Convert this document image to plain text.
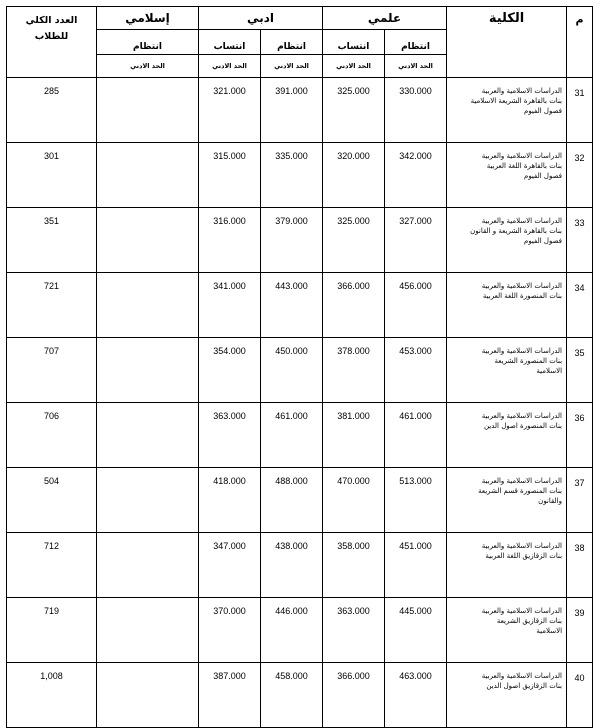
م	الكلية	علمي		ادبي		إسلامي	العدد الكلي
للطلاب

		انتظام	انتساب	انتظام	انتساب	انتظام	
		الحد الادني	الحد الادني	الحد الادني	الحد الادني	الحد الادني	
31	الدراسات الاسلامية والعربية
بنات بالقاهرة الشريعة الاسلامية
فصول الفيوم	330.000	325.000	391.000	321.000		285
32	الدراسات الاسلامية والعربية
بنات بالقاهرة اللغة العربية
فصول الفيوم	342.000	320.000	335.000	315.000		301
33	الدراسات الاسلامية والعربية
بنات بالقاهرة الشريعة و القانون
فصول الفيوم	327.000	325.000	379.000	316.000		351
34	الدراسات الاسلامية والعربية
بنات المنصورة اللغة العربية	456.000	366.000	443.000	341.000		721
35	الدراسات الاسلامية والعربية
بنات المنصورة الشريعة
الاسلامية	453.000	378.000	450.000	354.000		707
36	الدراسات الاسلامية والعربية
بنات المنصورة اصول الدين	461.000	381.000	461.000	363.000		706
37	الدراسات الاسلامية والعربية
بنات المنصورة قسم الشريعة
والقانون	513.000	470.000	488.000	418.000		504
38	الدراسات الاسلامية والعربية
بنات الزقازيق اللغة العربية	451.000	358.000	438.000	347.000		712
39	الدراسات الاسلامية والعربية
بنات الزقازيق الشريعة
الاسلامية	445.000	363.000	446.000	370.000		719
40	الدراسات الاسلامية والعربية
بنات الزقازيق اصول الدين	463.000	366.000	458.000	387.000		1,008
